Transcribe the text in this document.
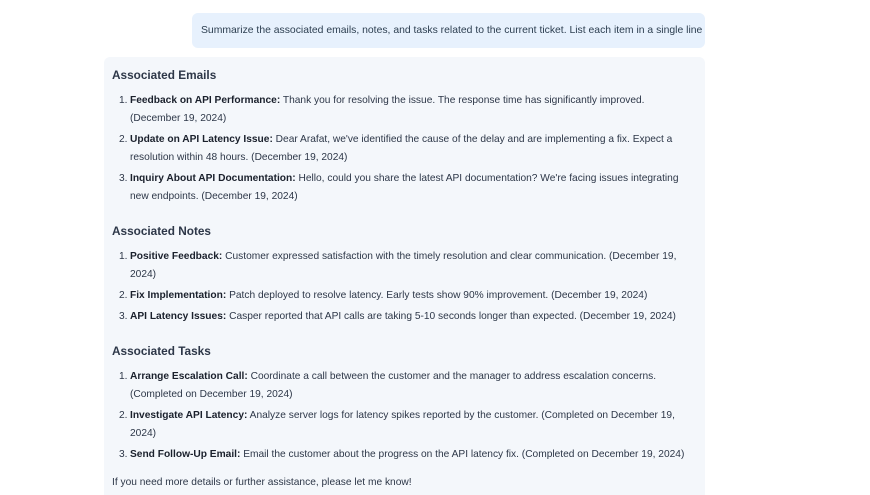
Summarize the associated emails, notes, and tasks related to the current ticket. List each item in a single line
Associated Emails
1. Feedback on API Performance: Thank you for resolving the issue. The response time has significantly improved. (December 19, 2024)
2. Update on API Latency Issue: Dear Arafat, we've identified the cause of the delay and are implementing a fix. Expect a resolution within 48 hours. (December 19, 2024)
3. Inquiry About API Documentation: Hello, could you share the latest API documentation? We're facing issues integrating new endpoints. (December 19, 2024)
Associated Notes
1. Positive Feedback: Customer expressed satisfaction with the timely resolution and clear communication. (December 19, 2024)
2. Fix Implementation: Patch deployed to resolve latency. Early tests show 90% improvement. (December 19, 2024)
3. API Latency Issues: Casper reported that API calls are taking 5-10 seconds longer than expected. (December 19, 2024)
Associated Tasks
1. Arrange Escalation Call: Coordinate a call between the customer and the manager to address escalation concerns. (Completed on December 19, 2024)
2. Investigate API Latency: Analyze server logs for latency spikes reported by the customer. (Completed on December 19, 2024)
3. Send Follow-Up Email: Email the customer about the progress on the API latency fix. (Completed on December 19, 2024)
If you need more details or further assistance, please let me know!
